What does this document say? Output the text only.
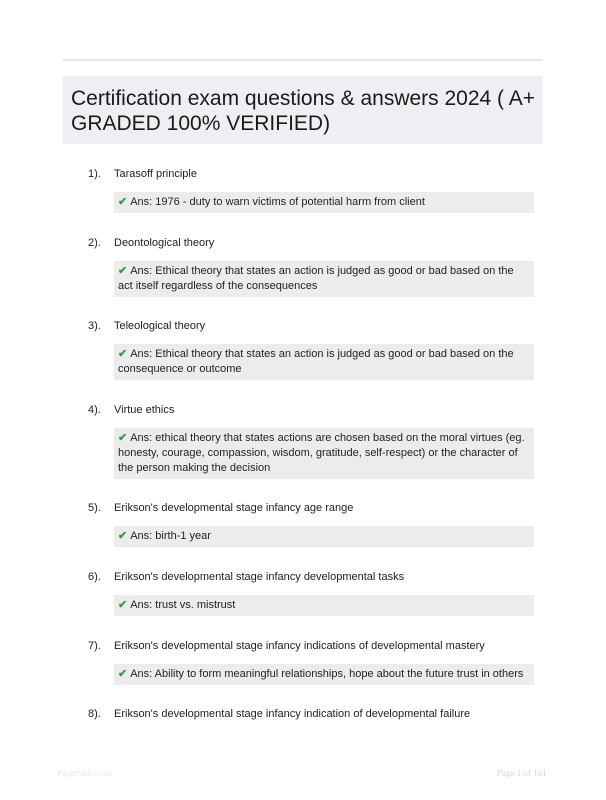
Certification exam questions & answers 2024 ( A+ GRADED 100% VERIFIED)
1). Tarasoff principle
✔ Ans: 1976 - duty to warn victims of potential harm from client
2). Deontological theory
✔ Ans: Ethical theory that states an action is judged as good or bad based on the act itself regardless of the consequences
3). Teleological theory
✔ Ans: Ethical theory that states an action is judged as good or bad based on the consequence or outcome
4). Virtue ethics
✔ Ans: ethical theory that states actions are chosen based on the moral virtues (eg. honesty, courage, compassion, wisdom, gratitude, self-respect) or the character of the person making the decision
5). Erikson's developmental stage infancy age range
✔ Ans: birth-1 year
6). Erikson's developmental stage infancy developmental tasks
✔ Ans: trust vs. mistrust
7). Erikson's developmental stage infancy indications of developmental mastery
✔ Ans: Ability to form meaningful relationships, hope about the future trust in others
8). Erikson's developmental stage infancy indication of developmental failure
PaperStilc.com	Page 1 of 161
